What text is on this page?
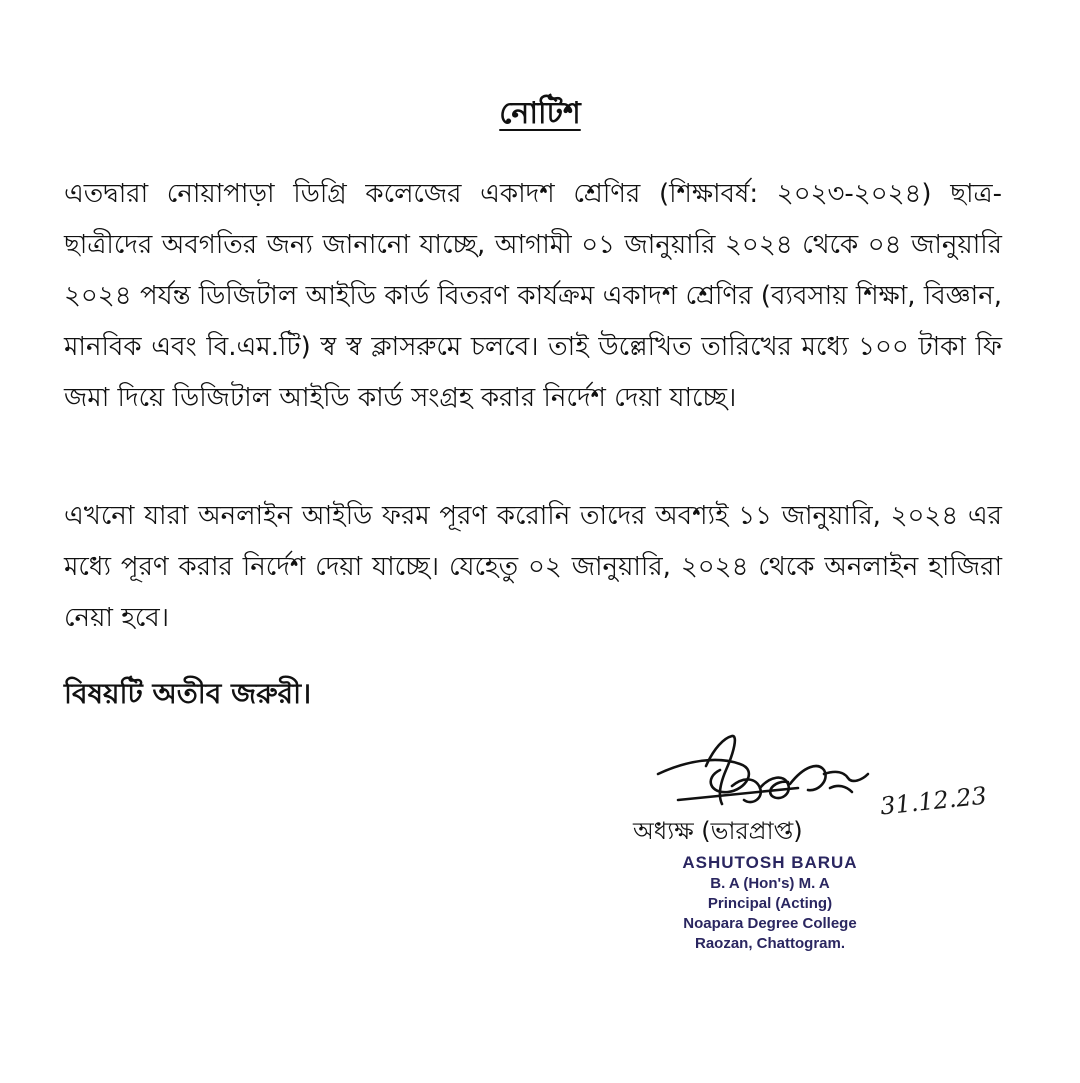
নোটিশ

এতদ্বারা নোয়াপাড়া ডিগ্রি কলেজের একাদশ শ্রেণির (শিক্ষাবর্ষ: ২০২৩-২০২৪) ছাত্র-ছাত্রীদের অবগতির জন্য জানানো যাচ্ছে, আগামী ০১ জানুয়ারি ২০২৪ থেকে ০৪ জানুয়ারি ২০২৪ পর্যন্ত ডিজিটাল আইডি কার্ড বিতরণ কার্যক্রম একাদশ শ্রেণির (ব্যবসায় শিক্ষা, বিজ্ঞান, মানবিক এবং বি.এম.টি) স্ব স্ব ক্লাসরুমে চলবে। তাই উল্লেখিত তারিখের মধ্যে ১০০ টাকা ফি জমা দিয়ে ডিজিটাল আইডি কার্ড সংগ্রহ করার নির্দেশ দেয়া যাচ্ছে।

এখনো যারা অনলাইন আইডি ফরম পূরণ করোনি তাদের অবশ্যই ১১ জানুয়ারি, ২০২৪ এর মধ্যে পূরণ করার নির্দেশ দেয়া যাচ্ছে। যেহেতু ০২ জানুয়ারি, ২০২৪ থেকে অনলাইন হাজিরা নেয়া হবে।

বিষয়টি অতীব জরুরী।
31.12.23
অধ্যক্ষ (ভারপ্রাপ্ত)
ASHUTOSH BARUA
B. A (Hon's) M. A
Principal (Acting)
Noapara Degree College
Raozan, Chattogram.
